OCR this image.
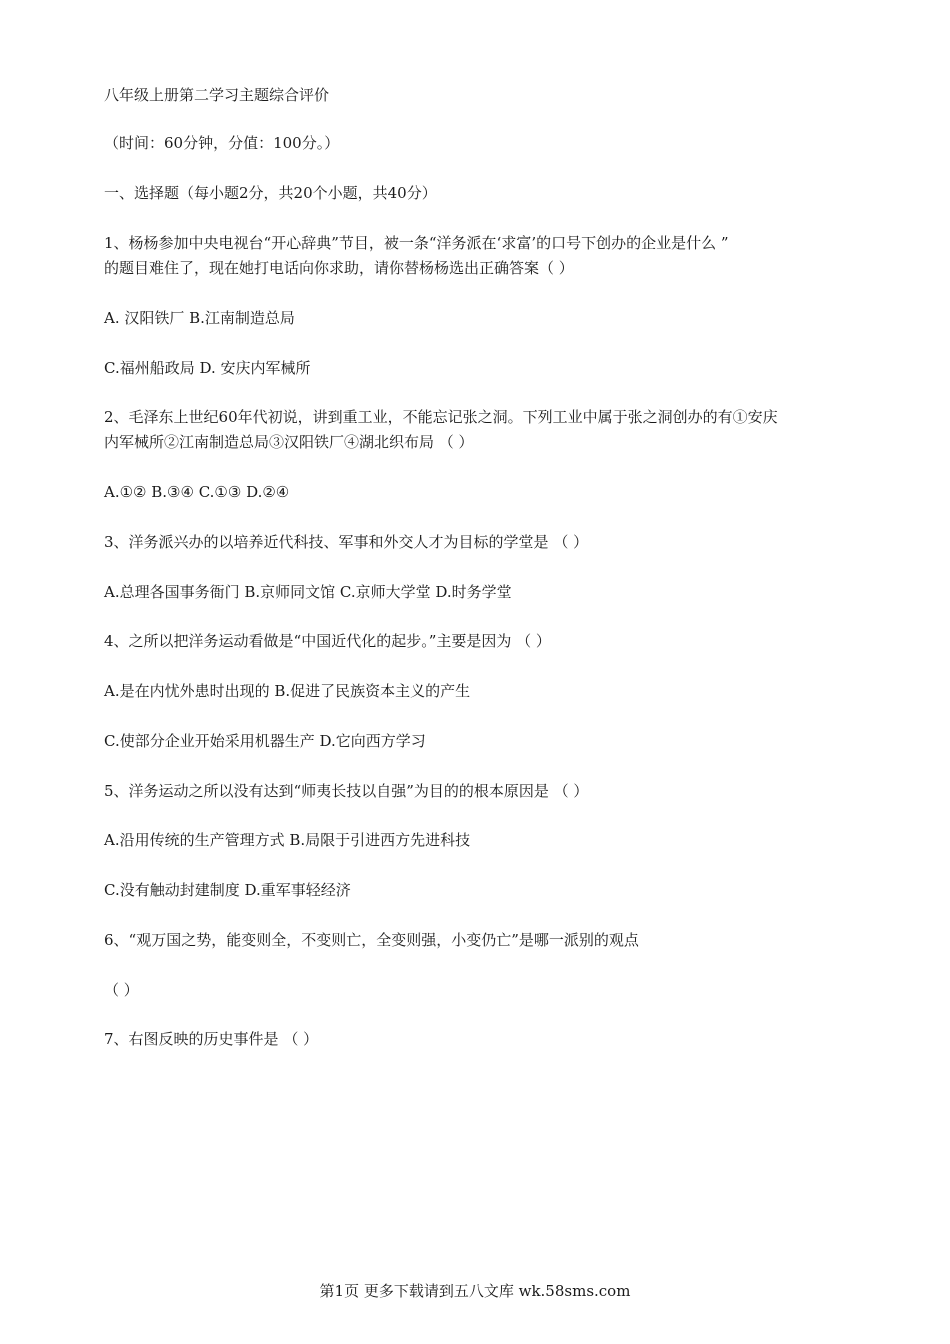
八年级上册第二学习主题综合评价
（时间：60分钟，分值：100分。）
一、选择题（每小题2分，共20个小题，共40分）
1、杨杨参加中央电视台“开心辞典”节目，被一条“洋务派在‘求富’的口号下创办的企业是什么 ”
的题目难住了，现在她打电话向你求助，请你替杨杨选出正确答案（ ）
A. 汉阳铁厂 B.江南制造总局
C.福州船政局 D. 安庆内军械所
2、毛泽东上世纪60年代初说，讲到重工业，不能忘记张之洞。下列工业中属于张之洞创办的有①安庆
内军械所②江南制造总局③汉阳铁厂④湖北织布局 （ ）
A.①② B.③④ C.①③ D.②④
3、洋务派兴办的以培养近代科技、军事和外交人才为目标的学堂是 （ ）
A.总理各国事务衙门 B.京师同文馆 C.京师大学堂 D.时务学堂
4、之所以把洋务运动看做是“中国近代化的起步。”主要是因为 （ ）
A.是在内忧外患时出现的 B.促进了民族资本主义的产生
C.使部分企业开始采用机器生产 D.它向西方学习
5、洋务运动之所以没有达到“师夷长技以自强”为目的的根本原因是 （ ）
A.沿用传统的生产管理方式 B.局限于引进西方先进科技
C.没有触动封建制度 D.重军事轻经济
6、“观万国之势，能变则全，不变则亡，全变则强，小变仍亡”是哪一派别的观点
（ ）
7、右图反映的历史事件是 （ ）
第1页 更多下载请到五八文库 wk.58sms.com
